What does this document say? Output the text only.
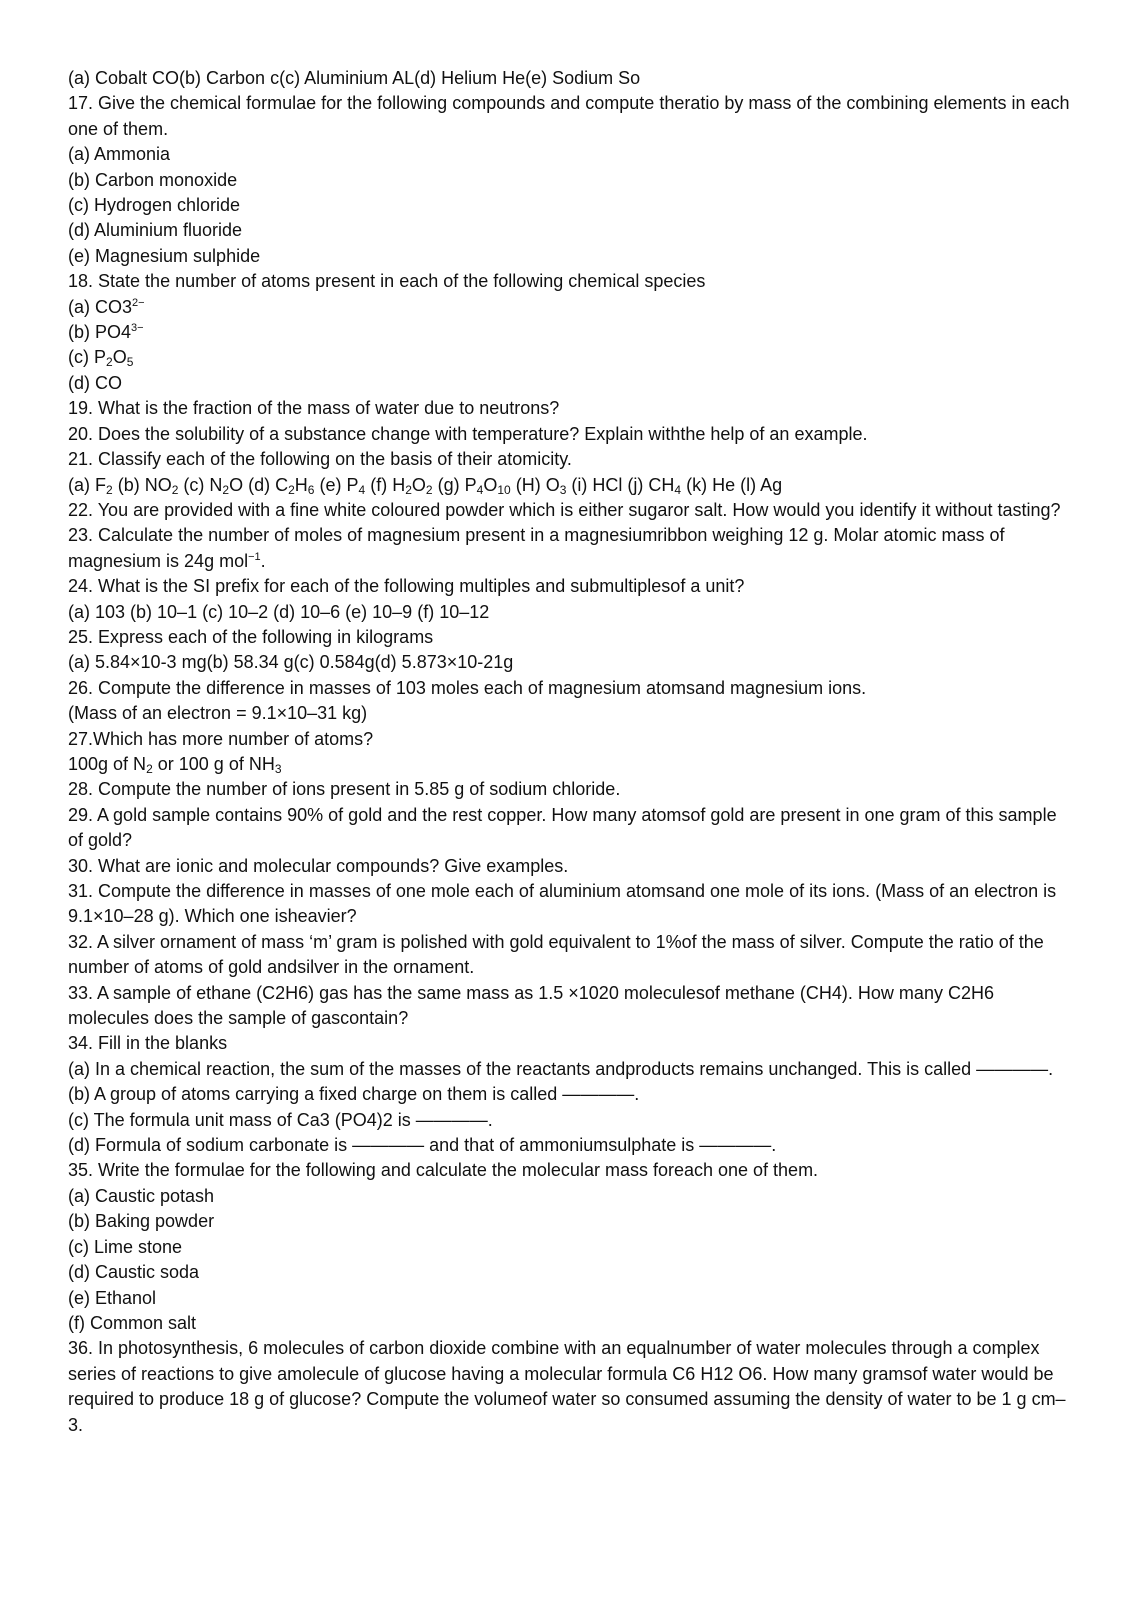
(a) Cobalt CO(b) Carbon c(c) Aluminium AL(d) Helium He(e) Sodium So

17. Give the chemical formulae for the following compounds and compute theratio by mass of the combining elements in each one of them.

(a) Ammonia

(b) Carbon monoxide

(c) Hydrogen chloride

(d) Aluminium fluoride

(e) Magnesium sulphide

18. State the number of atoms present in each of the following chemical species

(a) $CO3^{2-}$

(b) $PO4^{3-}$

(c) $P_2O_5$

(d) CO

19. What is the fraction of the mass of water due to neutrons?

20. Does the solubility of a substance change with temperature? Explain withthe help of an example.

21. Classify each of the following on the basis of their atomicity.

(a) $F_2$ (b) $NO_2$ (c) $N_2O$ (d) $C_2H_6$ (e) $P_4$ (f) $H_2O_2$ (g) $P_4O_{10}$ (H) $O_3$ (i) HCl (j) $CH_4$ (k) He (l) Ag

22. You are provided with a fine white coloured powder which is either sugaror salt. How would you identify it without tasting?

23. Calculate the number of moles of magnesium present in a magnesiumribbon weighing 12 g. Molar atomic mass of magnesium is 24g mol$^{-1}$.

24. What is the SI prefix for each of the following multiples and submultiplesof a unit?

(a) 103 (b) 10–1 (c) 10–2 (d) 10–6 (e) 10–9 (f) 10–12

25. Express each of the following in kilograms

(a) 5.84×10-3 mg(b) 58.34 g(c) 0.584g(d) 5.873×10-21g

26. Compute the difference in masses of 103 moles each of magnesium atomsand magnesium ions.

(Mass of an electron = 9.1×10–31 kg)

27.Which has more number of atoms?

100g of $N_2$ or 100 g of $NH_3$

28. Compute the number of ions present in 5.85 g of sodium chloride.

29. A gold sample contains 90% of gold and the rest copper. How many atomsof gold are present in one gram of this sample of gold?

30. What are ionic and molecular compounds? Give examples.

31. Compute the difference in masses of one mole each of aluminium atomsand one mole of its ions. (Mass of an electron is 9.1×10–28 g). Which one isheavier?

32. A silver ornament of mass ‘m’ gram is polished with gold equivalent to 1%of the mass of silver. Compute the ratio of the number of atoms of gold andsilver in the ornament.

33. A sample of ethane (C2H6) gas has the same mass as 1.5 ×1020 moleculesof methane (CH4). How many C2H6 molecules does the sample of gascontain?

34. Fill in the blanks

(a) In a chemical reaction, the sum of the masses of the reactants andproducts remains unchanged. This is called ————.

(b) A group of atoms carrying a fixed charge on them is called ————.

(c) The formula unit mass of Ca3 (PO4)2 is ————.

(d) Formula of sodium carbonate is ———— and that of ammoniumsulphate is ————.

35. Write the formulae for the following and calculate the molecular mass foreach one of them.

(a) Caustic potash

(b) Baking powder

(c) Lime stone

(d) Caustic soda

(e) Ethanol

(f) Common salt

36. In photosynthesis, 6 molecules of carbon dioxide combine with an equalnumber of water molecules through a complex series of reactions to give amolecule of glucose having a molecular formula C6 H12 O6. How many gramsof water would be required to produce 18 g of glucose? Compute the volumeof water so consumed assuming the density of water to be 1 g cm–3.
